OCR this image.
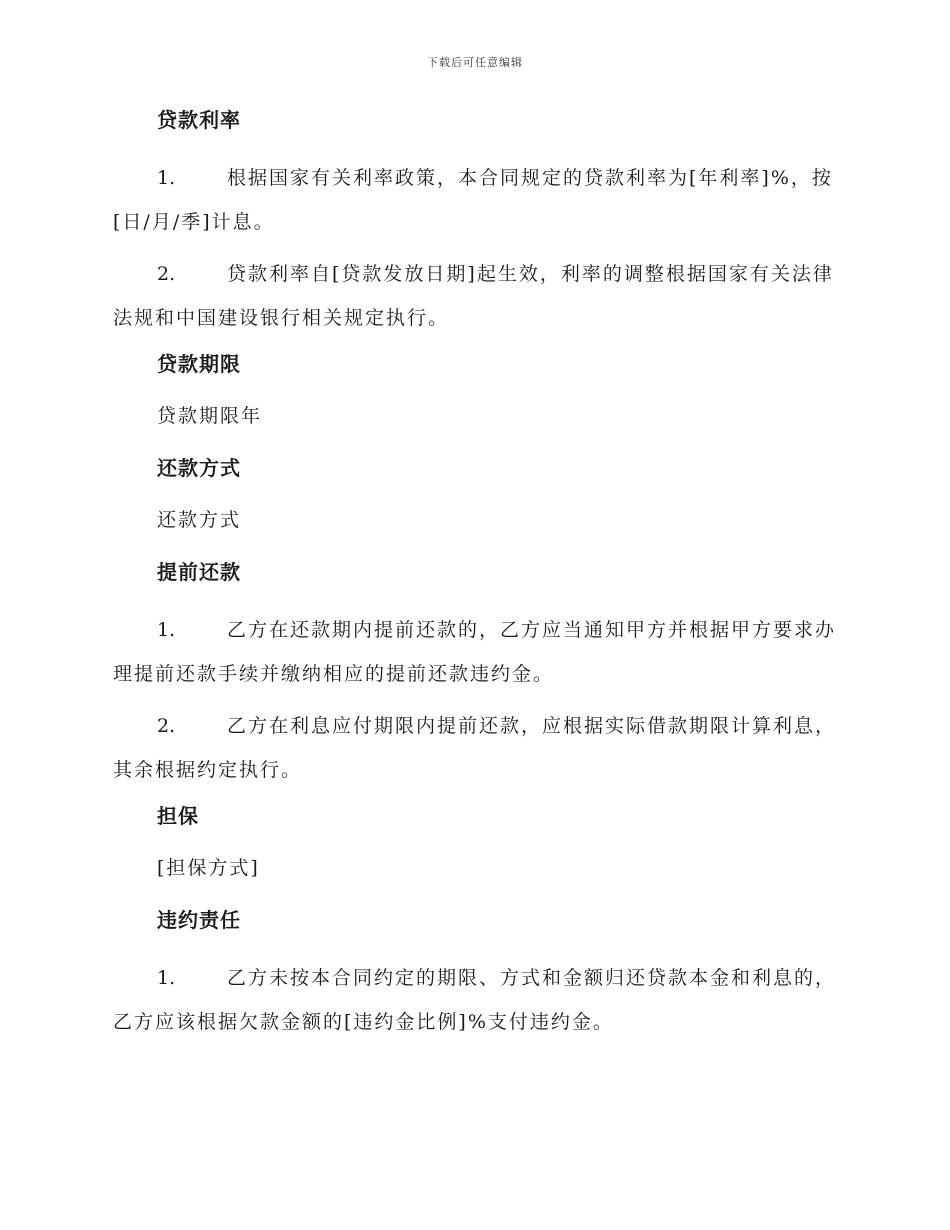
下载后可任意编辑
贷款利率
1.	根据国家有关利率政策，本合同规定的贷款利率为[年利率]%，按[日/月/季]计息。
2.	贷款利率自[贷款发放日期]起生效，利率的调整根据国家有关法律法规和中国建设银行相关规定执行。
贷款期限
贷款期限年
还款方式
还款方式
提前还款
1.	乙方在还款期内提前还款的，乙方应当通知甲方并根据甲方要求办理提前还款手续并缴纳相应的提前还款违约金。
2.	乙方在利息应付期限内提前还款，应根据实际借款期限计算利息，其余根据约定执行。
担保
[担保方式]
违约责任
1.	乙方未按本合同约定的期限、方式和金额归还贷款本金和利息的，乙方应该根据欠款金额的[违约金比例]%支付违约金。
